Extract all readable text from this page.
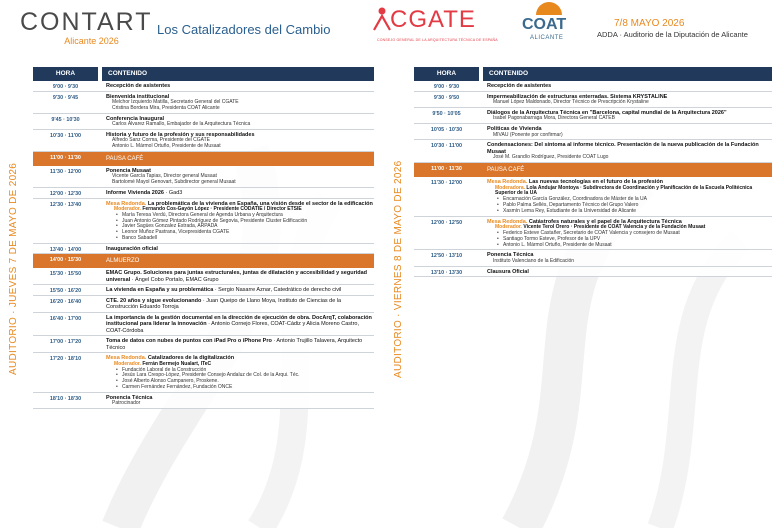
CONTART
Alicante 2026
Los Catalizadores del Cambio CGATE
CONSEJO GENERAL DE LA ARQUITECTURA TÉCNICA DE ESPAÑA
COAT
ALICANTE
7/8 MAYO 2026
ADDA · Auditorio de la Diputación de Alicante
AUDITORIO · JUEVES 7 DE MAYO DE 2026	AUDITORIO · VIERNES 8 DE MAYO DE 2026
HORA	CONTENIDO
9'00 · 9'30	Recepción de asistentes
9'30 · 9'45	Bienvenida institucional
Melchor Izquierdo Matilla, Secretario General del CGATE
Cristina Bordera Mira, Presidenta COAT Alicante
9'45 · 10'30	Conferencia Inaugural
Carlos Álvarez Ramallo, Embajador de la Arquitectura Técnica
10'30 · 11'00	Historia y futuro de la profesión y sus responsabilidades
Alfredo Sanz Corma, Presidente del CGATE
Antonio L. Mármol Ortuño, Presidente de Musaat
11'00 · 11'30	PAUSA CAFÉ
11'30 · 12'00	Ponencia Musaat
Vicente García Tapias, Director general Musaat
Bartolomé Mayol Genovart, Subdirector general Musaat
12'00 · 12'30	Informe Vivienda 2026 · Gad3
12'30 · 13'40	Mesa Redonda. La problemática de la vivienda en España, una visión desde el sector de la edificación
Moderador. Fernando Cos-Gayón López · Presidente CODATIE / Director ETSIE
• María Teresa Verdú, Directora General de Agenda Urbana y Arquitectura
• Juan Antonio Gómez Pintado Rodríguez de Segovia, Presidente Cluster Edificación
• Javier Sagües Gonzalez Estrada, ARPADA
• Leonor Muñoz Pastrana, Vicepresidenta CGATE
• Banco Sabadell
13'40 · 14'00	Inauguración oficial
14'00 · 15'30	ALMUERZO
15'30 · 15'50	EMAC Grupo. Soluciones para juntas estructurales, juntas de dilatación y accesibilidad y seguridad universal · Ángel Cobo Portalo, EMAC Grupo
15'50 · 16'20	La vivienda en España y su problemática · Sergio Nasarre Aznar, Catedrático de derecho civil
16'20 · 16'40	CTE. 20 años y sigue evolucionando · Juan Queipo de Llano Moya, Instituto de Ciencias de la Construcción Eduardo Torroja
16'40 · 17'00	La importancia de la gestión documental en la dirección de ejecución de obra. DocArqT, colaboración institucional para liderar la innovación · Antonio Cornejo Flores, COAT-Cádiz y Alicia Moreno Castro, COAT-Córdoba
17'00 · 17'20	Toma de datos con nubes de puntos con iPad Pro o iPhone Pro · Antonio Trujillo Talavera, Arquitecto Técnico
17'20 · 18'10	Mesa Redonda. Catalizadores de la digitalización
Moderador. Ferrán Bermejo Nualart, ITeC
• Fundación Laboral de la Construcción
• Jesús Lara Crespo-López, Presidente Consejo Andaluz de Col. de la Arqui. Téc.
• José Alberto Alonso Campanero, Proskene.
• Carmen Fernández Fernández, Fundación ONCE
18'10 · 18'30	Ponencia Técnica
Patrocinador
HORA	CONTENIDO
9'00 · 9'30	Recepción de asistentes
9'30 · 9'50	Impermeabilización de estructuras enterradas. Sistema KRYSTALINE
Manuel López Maldonado, Director Técnico de Prescripción Krystaline
9'50 · 10'05	Diálogos de la Arquitectura Técnica en "Barcelona, capital mundial de la Arquitectura 2026"
Isabel Pagonabarraga Mora, Directora General CATEB
10'05 · 10'30	Políticas de Vivienda
MIVAU (Ponente por confirmar)
10'30 · 11'00	Condensaciones: Del síntoma al informe técnico. Presentación de la nueva publicación de la Fundación Musaat
José M. Grandío Rodríguez, Presidente COAT Lugo
11'00 · 11'30	PAUSA CAFÉ
11'30 · 12'00	Mesa Redonda. Las nuevas tecnologías en el futuro de la profesión
Moderadora. Lola Andujar Montoya · Subdirectora de Coordinación y Planificación de la Escuela Politécnica Superior de la UA
• Encarnación García González, Coordinadora de Máster de la UA
• Pablo Palma Sellés, Departamento Técnico del Grupo Valero
• Xasmín Lema Rey, Estudiante de la Universidad de Alicante
12'00 · 12'50	Mesa Redonda. Catástrofes naturales y el papel de la Arquitectura Técnica
Moderador. Vicente Terol Orero · Presidente de COAT Valencia y de la Fundación Musaat
• Federico Esteve Castañer, Secretario de COAT Valencia y consejero de Musaat
• Santiago Tormo Esteve, Profesor de la UPV
• Antonio L. Mármol Ortuño, Presidente de Musaat
12'50 · 13'10	Ponencia Técnica
Instituto Valenciano de la Edificación
13'10 · 13'30	Clausura Oficial
